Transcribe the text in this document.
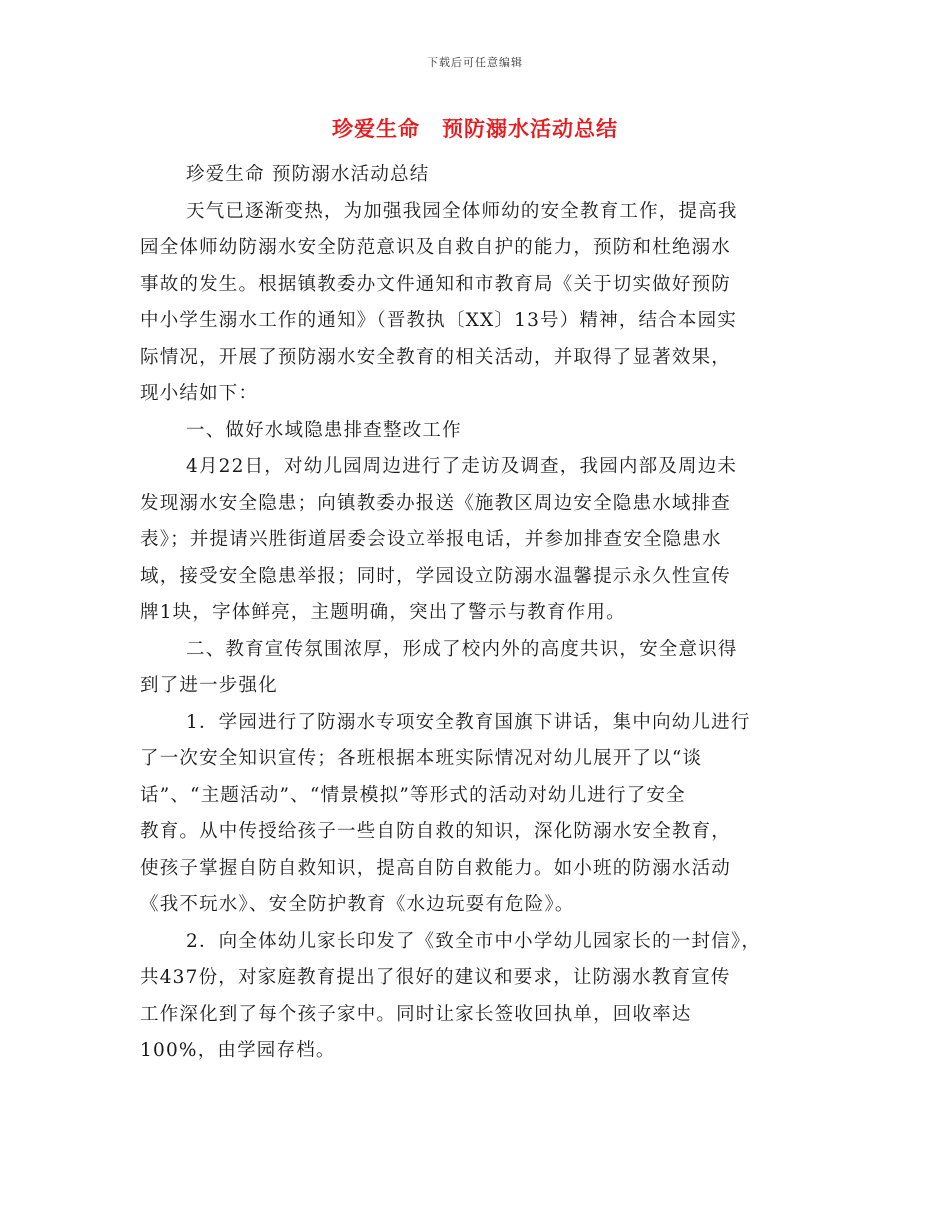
下载后可任意编辑
珍爱生命　预防溺水活动总结
珍爱生命 预防溺水活动总结
天气已逐渐变热，为加强我园全体师幼的安全教育工作，提高我
园全体师幼防溺水安全防范意识及自救自护的能力，预防和杜绝溺水
事故的发生。根据镇教委办文件通知和市教育局《关于切实做好预防
中小学生溺水工作的通知》（晋教执〔XX〕13号）精神，结合本园实
际情况，开展了预防溺水安全教育的相关活动，并取得了显著效果，
现小结如下：
一、做好水域隐患排查整改工作
4月22日，对幼儿园周边进行了走访及调查，我园内部及周边未
发现溺水安全隐患；向镇教委办报送《施教区周边安全隐患水域排查
表》；并提请兴胜街道居委会设立举报电话，并参加排查安全隐患水
域，接受安全隐患举报；同时，学园设立防溺水温馨提示永久性宣传
牌1块，字体鲜亮，主题明确，突出了警示与教育作用。
二、教育宣传氛围浓厚，形成了校内外的高度共识，安全意识得
到了进一步强化
1．学园进行了防溺水专项安全教育国旗下讲话，集中向幼儿进行
了一次安全知识宣传；各班根据本班实际情况对幼儿展开了以“谈
话”、“主题活动”、“情景模拟”等形式的活动对幼儿进行了安全
教育。从中传授给孩子一些自防自救的知识，深化防溺水安全教育，
使孩子掌握自防自救知识，提高自防自救能力。如小班的防溺水活动
《我不玩水》、安全防护教育《水边玩耍有危险》。
2．向全体幼儿家长印发了《致全市中小学幼儿园家长的一封信》，
共437份，对家庭教育提出了很好的建议和要求，让防溺水教育宣传
工作深化到了每个孩子家中。同时让家长签收回执单，回收率达
100%，由学园存档。
